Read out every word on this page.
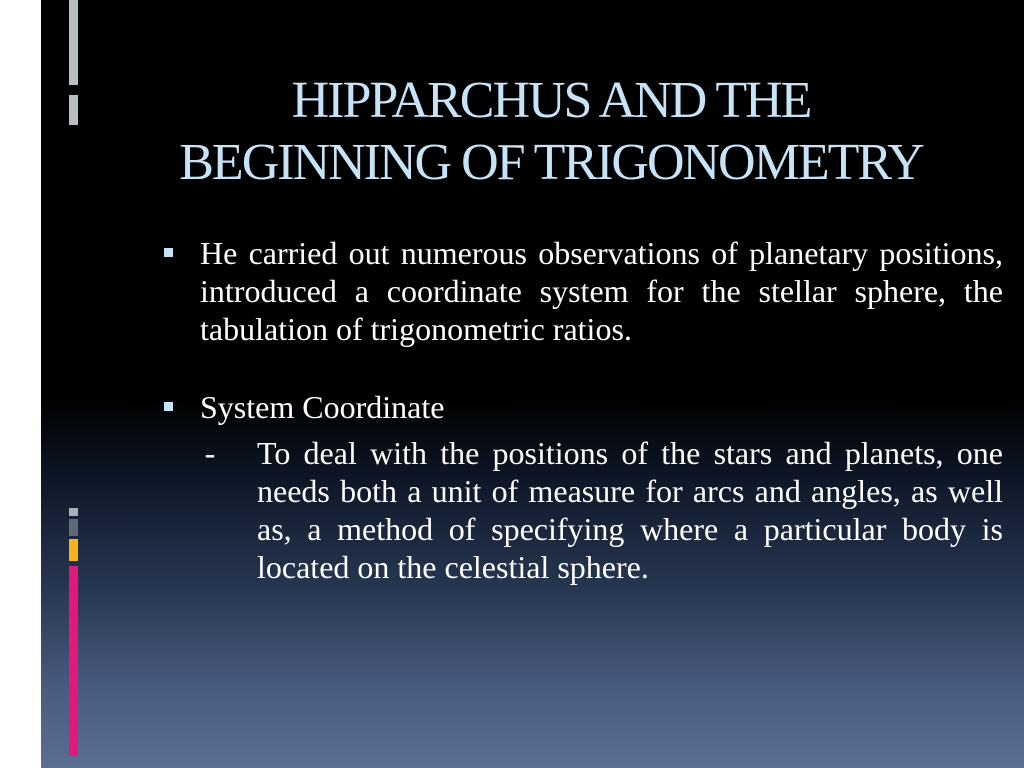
HIPPARCHUS AND THE
BEGINNING OF TRIGONOMETRY
He carried out numerous observations of planetary positions, introduced a coordinate system for the stellar sphere, the tabulation of trigonometric ratios.
System Coordinate
- To deal with the positions of the stars and planets, one needs both a unit of measure for arcs and angles, as well as, a method of specifying where a particular body is located on the celestial sphere.
